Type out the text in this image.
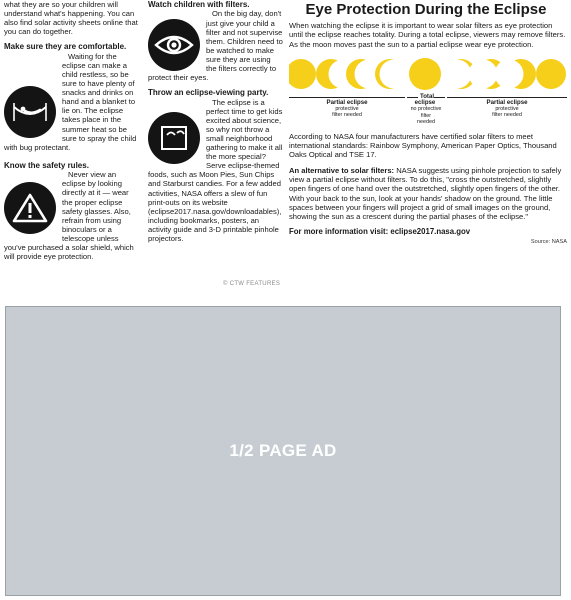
what they are so your children will understand what's happening. You can also find solar activity sheets online that you can do together.
Make sure they are comfortable.
Waiting for the eclipse can make a child restless, so be sure to have plenty of snacks and drinks on hand and a blanket to lie on. The eclipse takes place in the summer heat so be sure to spray the child with bug protectant.
Know the safety rules.
Never view an eclipse by looking directly at it — wear the proper eclipse safety glasses. Also, refrain from using binoculars or a telescope unless you've purchased a solar shield, which will provide eye protection.
Watch children with filters.
On the big day, don't just give your child a filter and not supervise them. Children need to be watched to make sure they are using the filters correctly to protect their eyes.
Throw an eclipse-viewing party.
The eclipse is a perfect time to get kids excited about science, so why not throw a small neighborhood gathering to make it all the more special? Serve eclipse-themed foods, such as Moon Pies, Sun Chips and Starburst candies. For a few added activities, NASA offers a slew of fun print-outs on its website (eclipse2017.nasa.gov/downloadables), including bookmarks, posters, an activity guide and 3-D printable pinhole projectors.
© CTW FEATURES
Eye Protection During the Eclipse
When watching the eclipse it is important to wear solar filters as eye protection until the eclipse reaches totality. During a total eclipse, viewers may remove filters. As the moon moves past the sun to a partial eclipse wear eye protection.
Partial eclipse
protective
filter needed
Total eclipse
no protective
filter
needed
Partial eclipse
protective
filter needed
According to NASA four manufacturers have certified solar filters to meet international standards: Rainbow Symphony, American Paper Optics, Thousand Oaks Optical and TSE 17.
An alternative to solar filters: NASA suggests using pinhole projection to safely view a partial eclipse without filters. To do this, "cross the outstretched, slightly open fingers of one hand over the outstretched, slightly open fingers of the other. With your back to the sun, look at your hands' shadow on the ground. The little spaces between your fingers will project a grid of small images on the ground, showing the sun as a crescent during the partial phases of the eclipse."
For more information visit: eclipse2017.nasa.gov
Source: NASA
1/2 PAGE AD
